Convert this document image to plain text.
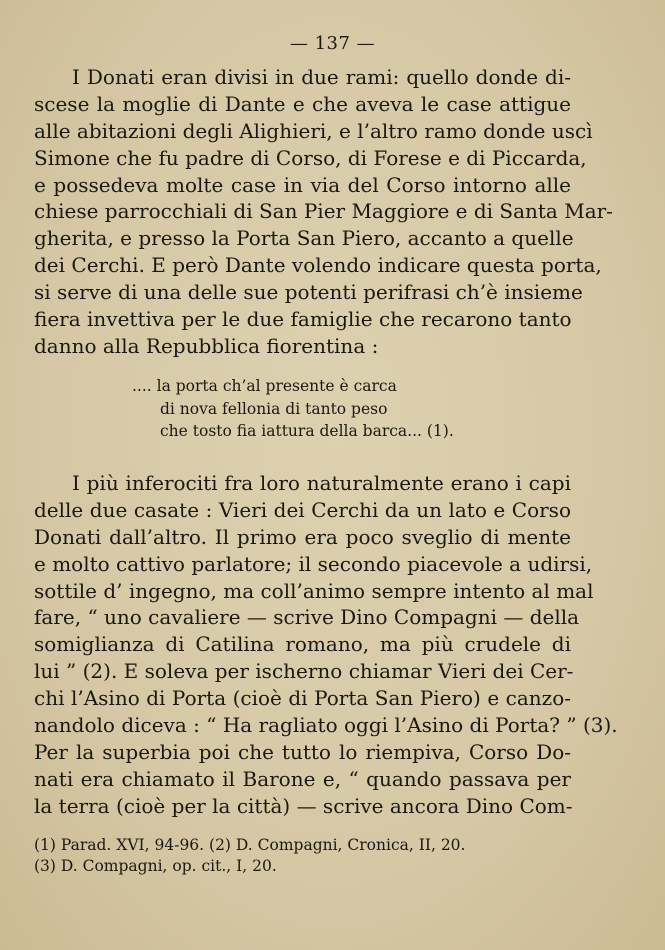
— 137 —
I Donati eran divisi in due rami: quello donde di-
scese la moglie di Dante e che aveva le case attigue
alle abitazioni degli Alighieri, e l’altro ramo donde uscì
Simone che fu padre di Corso, di Forese e di Piccarda,
e possedeva molte case in via del Corso intorno alle
chiese parrocchiali di San Pier Maggiore e di Santa Mar-
gherita, e presso la Porta San Piero, accanto a quelle
dei Cerchi. E però Dante volendo indicare questa porta,
si serve di una delle sue potenti perifrasi ch’è insieme
fiera invettiva per le due famiglie che recarono tanto
danno alla Repubblica fiorentina :
.... la porta ch’al presente è carca
di nova fellonia di tanto peso
che tosto fia iattura della barca... (1).
I più inferociti fra loro naturalmente erano i capi
delle due casate : Vieri dei Cerchi da un lato e Corso
Donati dall’altro. Il primo era poco sveglio di mente
e molto cattivo parlatore; il secondo piacevole a udirsi,
sottile d’ ingegno, ma coll’animo sempre intento al mal
fare, “ uno cavaliere — scrive Dino Compagni — della
somiglianza di Catilina romano, ma più crudele di
lui ” (2). E soleva per ischerno chiamar Vieri dei Cer-
chi l’Asino di Porta (cioè di Porta San Piero) e canzo-
nandolo diceva : “ Ha ragliato oggi l’Asino di Porta? ” (3).
Per la superbia poi che tutto lo riempiva, Corso Do-
nati era chiamato il Barone e, “ quando passava per
la terra (cioè per la città) — scrive ancora Dino Com-
(1) Parad. XVI, 94-96. (2) D. Compagni, Cronica, II, 20.
(3) D. Compagni, op. cit., I, 20.
